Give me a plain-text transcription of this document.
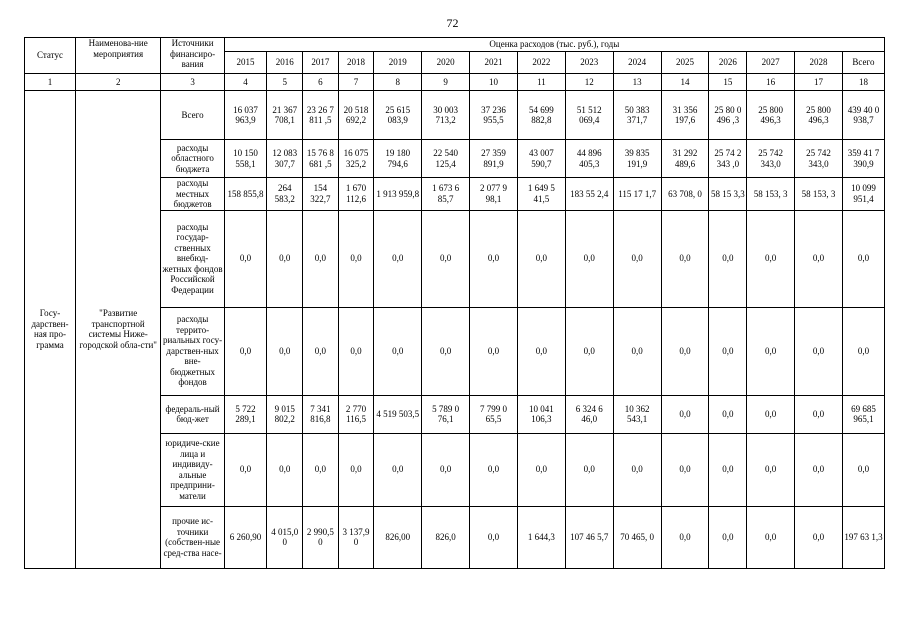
72
Статус	Наименова-ние мероприятия	Источники финансиро-вания	Оценка расходов (тыс. руб.), годы														
			2015	2016	2017	2018	2019	2020	2021	2022	2023	2024	2025	2026	2027	2028	Всего
1	2	3	4	5	6	7	8	9	10	11	12	13	14	15	16	17	18
Госу-дарствен-ная про-грамма	"Развитие транспортной системы Ниже-городской обла-сти"	Всего	16 037 963,9	21 367 708,1	23 26 7 811 ,5	20 518 692,2	25 615 083,9	30 003 713,2	37 236 955,5	54 699 882,8	51 512 069,4	50 383 371,7	31 356 197,6	25 80 0 496 ,3	25 800 496,3	25 800 496,3	439 40 0 938,7
		расходы областного бюджета	10 150 558,1	12 083 307,7	15 76 8 681 ,5	16 075 325,2	19 180 794,6	22 540 125,4	27 359 891,9	43 007 590,7	44 896 405,3	39 835 191,9	31 292 489,6	25 74 2 343 ,0	25 742 343,0	25 742 343,0	359 41 7 390,9
		расходы местных бюджетов	158 855,8	264 583,2	154 322,7	1 670 112,6	1 913 959,8	1 673 6 85,7	2 077 9 98,1	1 649 5 41,5	183 55 2,4	115 17 1,7	63 708, 0	58 15 3,3	58 153, 3	58 153, 3	10 099 951,4
		расходы государ-ственных внебюд-жетных фондов Российской Федерации	0,0	0,0	0,0	0,0	0,0	0,0	0,0	0,0	0,0	0,0	0,0	0,0	0,0	0,0	0,0
		расходы террито-риальных госу-дарствен-ных вне-бюджетных фондов	0,0	0,0	0,0	0,0	0,0	0,0	0,0	0,0	0,0	0,0	0,0	0,0	0,0	0,0	0,0
		федераль-ный бюд-жет	5 722 289,1	9 015 802,2	7 341 816,8	2 770 116,5	4 519 503,5	5 789 0 76,1	7 799 0 65,5	10 041 106,3	6 324 6 46,0	10 362 543,1	0,0	0,0	0,0	0,0	69 685 965,1
		юридиче-ские лица и индивиду-альные предприни-матели	0,0	0,0	0,0	0,0	0,0	0,0	0,0	0,0	0,0	0,0	0,0	0,0	0,0	0,0	0,0
		прочие ис-точники (собствен-ные сред-ства насе-	6 260,90	4 015,0 0	2 990,5 0	3 137,9 0	826,00	826,0	0,0	1 644,3	107 46 5,7	70 465, 0	0,0	0,0	0,0	0,0	197 63 1,3
